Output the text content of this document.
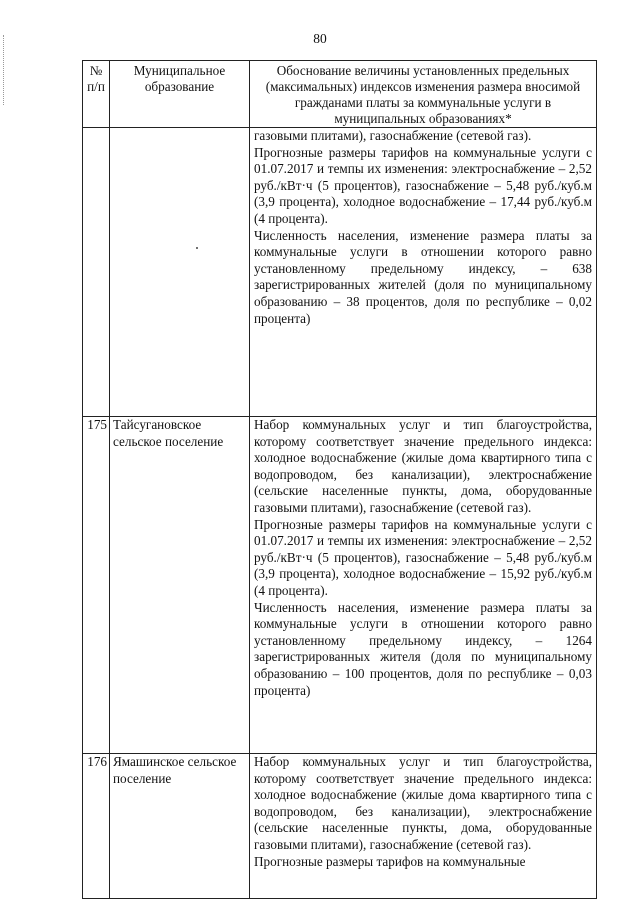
80
№ п/п	Муниципальное образование	Обоснование величины установленных предельных (максимальных) индексов изменения размера вносимой гражданами платы за коммунальные услуги в муниципальных образованиях*

		газовыми плитами), газоснабжение (сетевой газ).

Прогнозные размеры тарифов на коммунальные услуги с 01.07.2017 и темпы их изменения: электроснабжение – 2,52 руб./кВт·ч (5 процентов), газоснабжение – 5,48 руб./куб.м (3,9 процента), холодное водоснабжение – 17,44 руб./куб.м (4 процента).

Численность населения, изменение размера платы за коммунальные услуги в отношении которого равно установленному предельному индексу, – 638 зарегистрированных жителей (доля по муниципальному образованию – 38 процентов, доля по республике – 0,02 процента)

175	Тайсугановское сельское поселение	Набор коммунальных услуг и тип благоустройства, которому соответствует значение предельного индекса: холодное водоснабжение (жилые дома квартирного типа с водопроводом, без канализации), электроснабжение (сельские населенные пункты, дома, оборудованные газовыми плитами), газоснабжение (сетевой газ).

Прогнозные размеры тарифов на коммунальные услуги с 01.07.2017 и темпы их изменения: электроснабжение – 2,52 руб./кВт·ч (5 процентов), газоснабжение – 5,48 руб./куб.м (3,9 процента), холодное водоснабжение – 15,92 руб./куб.м (4 процента).

Численность населения, изменение размера платы за коммунальные услуги в отношении которого равно установленному предельному индексу, – 1264 зарегистрированных жителя (доля по муниципальному образованию – 100 процентов, доля по республике – 0,03 процента)

176	Ямашинское сельское поселение	Набор коммунальных услуг и тип благоустройства, которому соответствует значение предельного индекса: холодное водоснабжение (жилые дома квартирного типа с водопроводом, без канализации), электроснабжение (сельские населенные пункты, дома, оборудованные газовыми плитами), газоснабжение (сетевой газ).

Прогнозные размеры тарифов на коммунальные
